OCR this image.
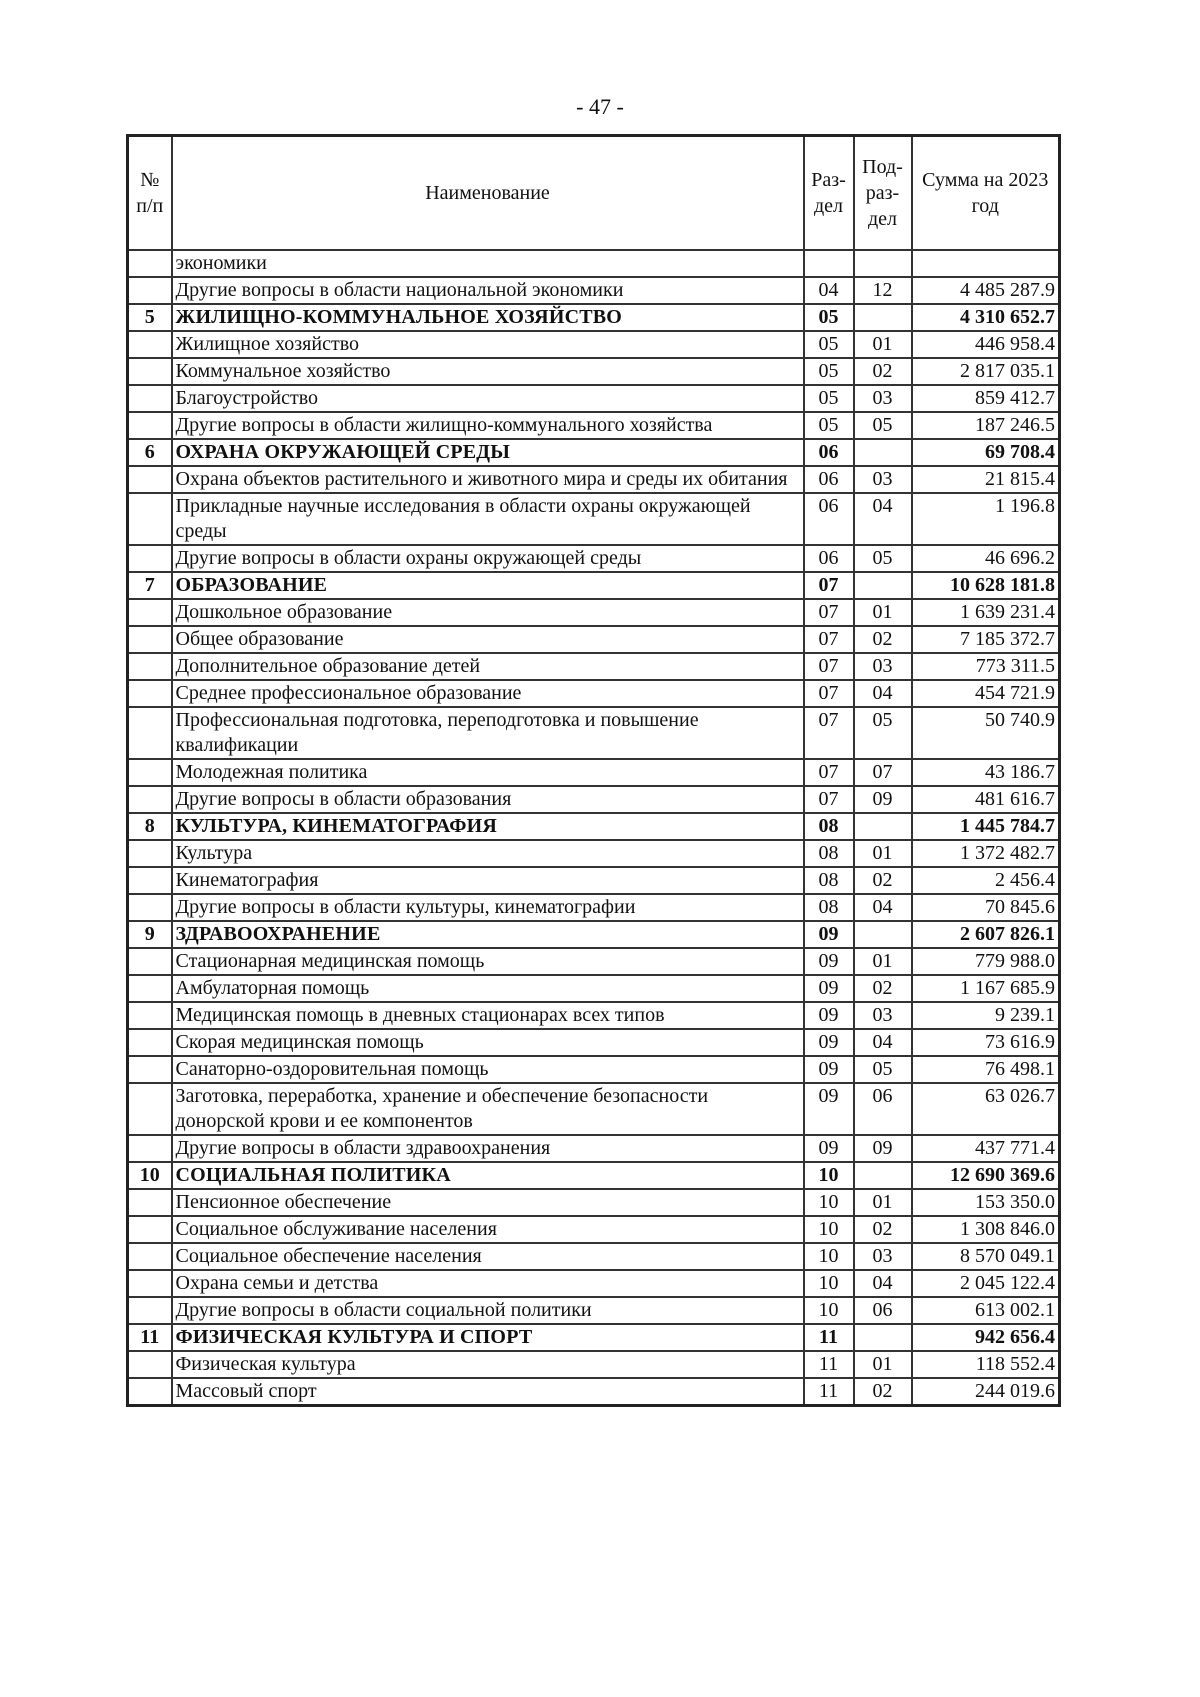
- 47 -
№ п/п	Наименование	Раз-дел	Под-раз-дел	Сумма на 2023 год
	экономики			
	Другие вопросы в области национальной экономики	04	12	4 485 287.9
5	ЖИЛИЩНО-КОММУНАЛЬНОЕ ХОЗЯЙСТВО	05		4 310 652.7
	Жилищное хозяйство	05	01	446 958.4
	Коммунальное хозяйство	05	02	2 817 035.1
	Благоустройство	05	03	859 412.7
	Другие вопросы в области жилищно-коммунального хозяйства	05	05	187 246.5
6	ОХРАНА ОКРУЖАЮЩЕЙ СРЕДЫ	06		69 708.4
	Охрана объектов растительного и животного мира и среды их обитания	06	03	21 815.4
	Прикладные научные исследования в области охраны окружающей среды	06	04	1 196.8
	Другие вопросы в области охраны окружающей среды	06	05	46 696.2
7	ОБРАЗОВАНИЕ	07		10 628 181.8
	Дошкольное образование	07	01	1 639 231.4
	Общее образование	07	02	7 185 372.7
	Дополнительное образование детей	07	03	773 311.5
	Среднее профессиональное образование	07	04	454 721.9
	Профессиональная подготовка, переподготовка и повышение квалификации	07	05	50 740.9
	Молодежная политика	07	07	43 186.7
	Другие вопросы в области образования	07	09	481 616.7
8	КУЛЬТУРА, КИНЕМАТОГРАФИЯ	08		1 445 784.7
	Культура	08	01	1 372 482.7
	Кинематография	08	02	2 456.4
	Другие вопросы в области культуры, кинематографии	08	04	70 845.6
9	ЗДРАВООХРАНЕНИЕ	09		2 607 826.1
	Стационарная медицинская помощь	09	01	779 988.0
	Амбулаторная помощь	09	02	1 167 685.9
	Медицинская помощь в дневных стационарах всех типов	09	03	9 239.1
	Скорая медицинская помощь	09	04	73 616.9
	Санаторно-оздоровительная помощь	09	05	76 498.1
	Заготовка, переработка, хранение и обеспечение безопасности донорской крови и ее компонентов	09	06	63 026.7
	Другие вопросы в области здравоохранения	09	09	437 771.4
10	СОЦИАЛЬНАЯ ПОЛИТИКА	10		12 690 369.6
	Пенсионное обеспечение	10	01	153 350.0
	Социальное обслуживание населения	10	02	1 308 846.0
	Социальное обеспечение населения	10	03	8 570 049.1
	Охрана семьи и детства	10	04	2 045 122.4
	Другие вопросы в области социальной политики	10	06	613 002.1
11	ФИЗИЧЕСКАЯ КУЛЬТУРА И СПОРТ	11		942 656.4
	Физическая культура	11	01	118 552.4
	Массовый спорт	11	02	244 019.6
